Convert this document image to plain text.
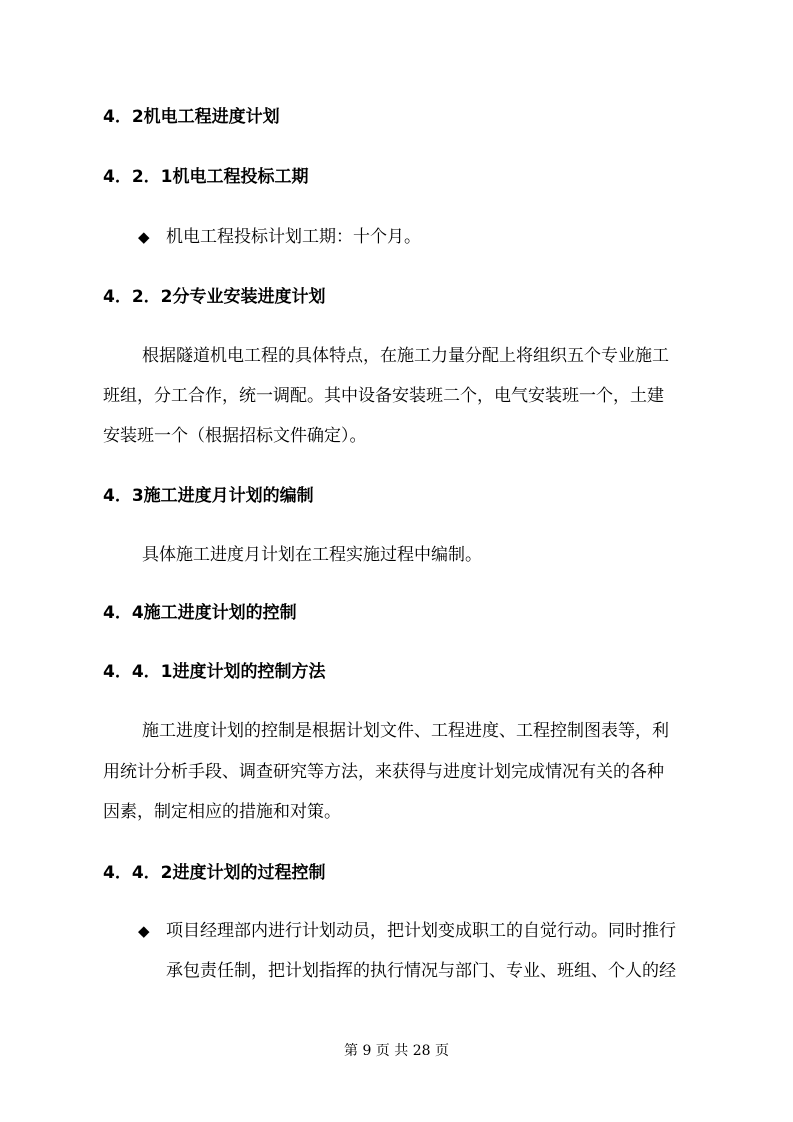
4．2机电工程进度计划
4．2．1机电工程投标工期
◆ 机电工程投标计划工期：十个月。
4．2．2分专业安装进度计划
根据隧道机电工程的具体特点，在施工力量分配上将组织五个专业施工
班组，分工合作，统一调配。其中设备安装班二个，电气安装班一个，土建
安装班一个（根据招标文件确定）。
4．3施工进度月计划的编制
具体施工进度月计划在工程实施过程中编制。
4．4施工进度计划的控制
4．4．1进度计划的控制方法
施工进度计划的控制是根据计划文件、工程进度、工程控制图表等，利
用统计分析手段、调查研究等方法，来获得与进度计划完成情况有关的各种
因素，制定相应的措施和对策。
4．4．2进度计划的过程控制
◆ 项目经理部内进行计划动员，把计划变成职工的自觉行动。同时推行
承包责任制，把计划指挥的执行情况与部门、专业、班组、个人的经
第 9 页 共 28 页
